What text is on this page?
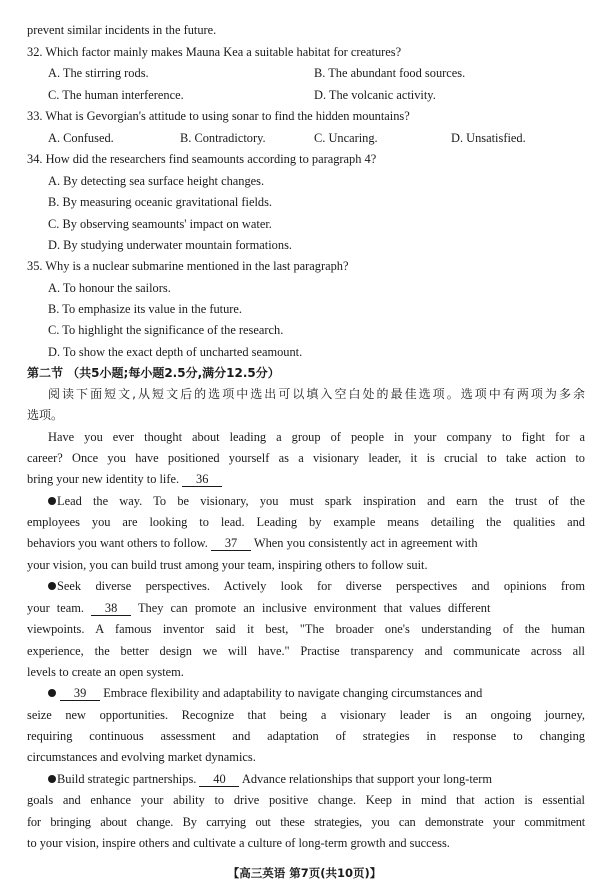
prevent similar incidents in the future.
32. Which factor mainly makes Mauna Kea a suitable habitat for creatures?
A. The stirring rods.	B. The abundant food sources.
C. The human interference.	D. The volcanic activity.
33. What is Gevorgian's attitude to using sonar to find the hidden mountains?
A. Confused.	B. Contradictory.	C. Uncaring.	D. Unsatisfied.
34. How did the researchers find seamounts according to paragraph 4?
A. By detecting sea surface height changes.
B. By measuring oceanic gravitational fields.
C. By observing seamounts' impact on water.
D. By studying underwater mountain formations.
35. Why is a nuclear submarine mentioned in the last paragraph?
A. To honour the sailors.
B. To emphasize its value in the future.
C. To highlight the significance of the research.
D. To show the exact depth of uncharted seamount.
第二节 （共5小题;每小题2.5分,满分12.5分）
阅读下面短文,从短文后的选项中选出可以填入空白处的最佳选项。选项中有两项为多余
选项。
Have you ever thought about leading a group of people in your company to fight for a
career? Once you have positioned yourself as a visionary leader, it is crucial to take action to
bring your new identity to life. 36
Lead the way. To be visionary, you must spark inspiration and earn the trust of the
employees you are looking to lead. Leading by example means detailing the qualities and
behaviors you want others to follow. 37 When you consistently act in agreement with
your vision, you can build trust among your team, inspiring others to follow suit.
Seek diverse perspectives. Actively look for diverse perspectives and opinions from
your team. 38 They can promote an inclusive environment that values different
viewpoints. A famous inventor said it best, "The broader one's understanding of the human
experience, the better design we will have." Practise transparency and communicate across all
levels to create an open system.
39 Embrace flexibility and adaptability to navigate changing circumstances and
seize new opportunities. Recognize that being a visionary leader is an ongoing journey,
requiring continuous assessment and adaptation of strategies in response to changing
circumstances and evolving market dynamics.
Build strategic partnerships. 40 Advance relationships that support your long-term
goals and enhance your ability to drive positive change. Keep in mind that action is essential
for bringing about change. By carrying out these strategies, you can demonstrate your commitment
to your vision, inspire others and cultivate a culture of long-term growth and success.
【高三英语 第7页(共10页)】
